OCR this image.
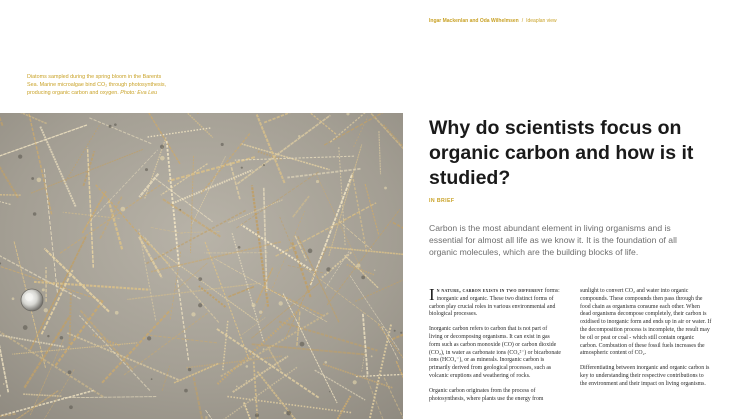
Diatoms sampled during the spring bloom in the Barents Sea. Marine microalgae bind CO₂ through photosynthesis, producing organic carbon and oxygen. Photo: Eva Leu
Ingar Mackenlan and Oda Wilhelmsen / Ideaplan view
Why do scientists focus on organic carbon and how is it studied?
IN BRIEF

Carbon is the most abundant element in living organisms and is essential for almost all life as we know it. It is the foundation of all organic molecules, which are the building blocks of life.

In nature, carbon exists in two different forms: inorganic and organic. These two distinct forms of carbon play crucial roles in various environmental and biological processes.

Inorganic carbon refers to carbon that is not part of living or decomposing organisms. It can exist in gas form such as carbon monoxide (CO) or carbon dioxide (CO₂), in water as carbonate ions (CO₃²⁻) or bicarbonate ions (HCO₃⁻), or as minerals. Inorganic carbon is primarily derived from geological processes, such as volcanic eruptions and weathering of rocks.

Organic carbon originates from the process of photosynthesis, where plants use the energy from

sunlight to convert CO₂ and water into organic compounds. These compounds then pass through the food chain as organisms consume each other. When dead organisms decompose completely, their carbon is oxidised to inorganic form and ends up in air or water. If the decomposition process is incomplete, the result may be oil or peat or coal - which still contain organic carbon. Combustion of these fossil fuels increases the atmospheric content of CO₂.

Differentiating between inorganic and organic carbon is key to understanding their respective contributions to the environment and their impact on living organisms.
